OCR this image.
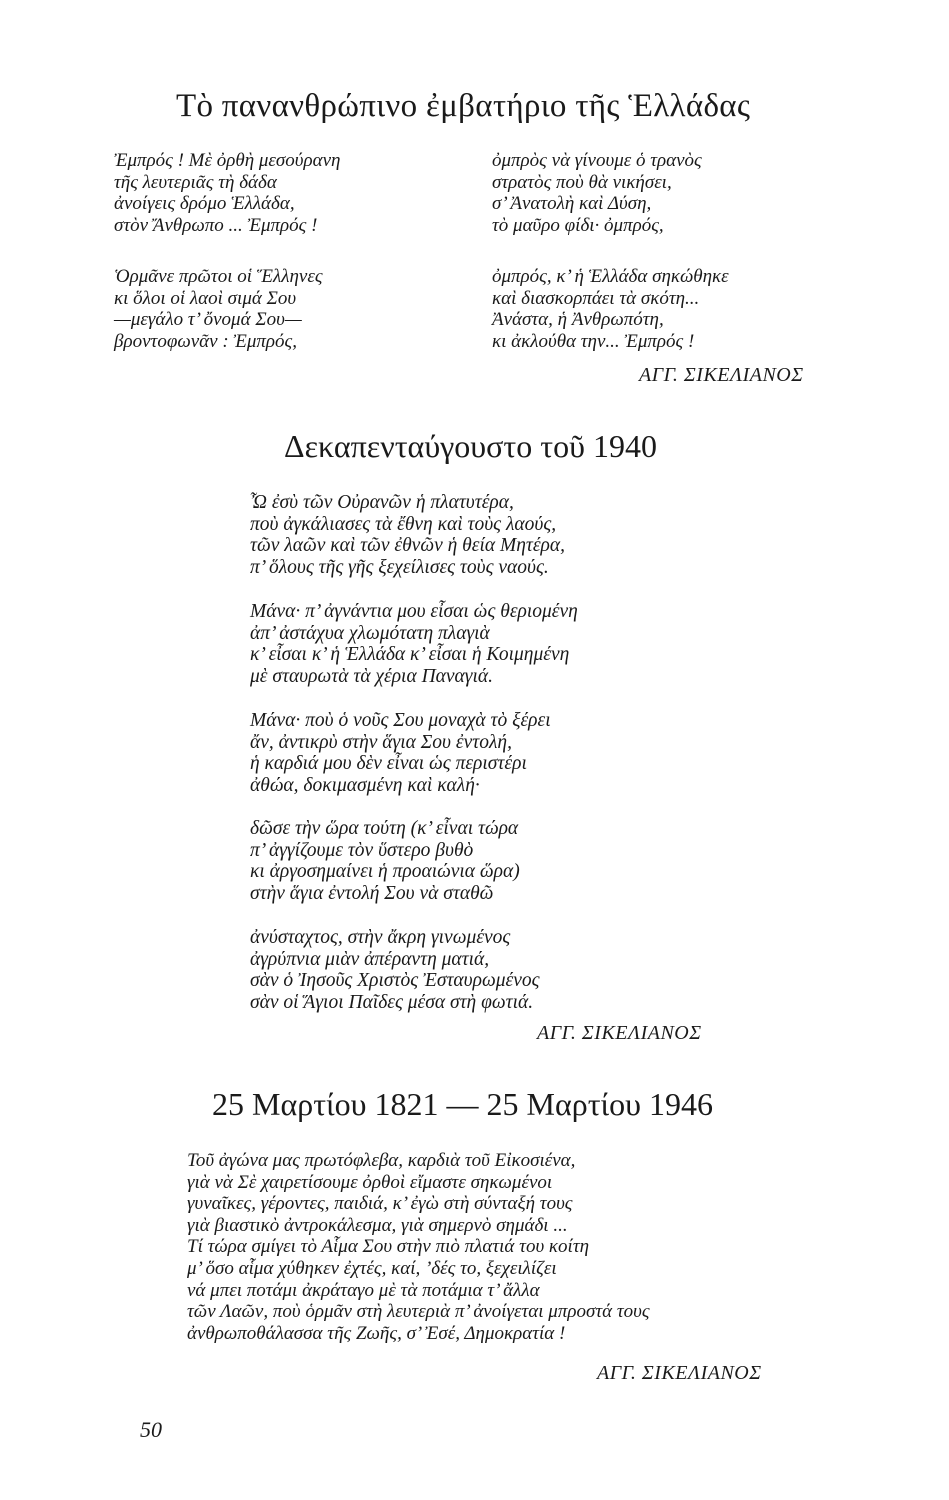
Τὸ πανανθρώπινο ἐμβατήριο τῆς Ἑλλάδας
Ἐμπρός ! Μὲ ὀρθὴ μεσούρανη
τῆς λευτεριᾶς τὴ δάδα
ἀνοίγεις δρόμο Ἑλλάδα,
στὸν Ἄνθρωπο ... Ἐμπρός !
Ὁρμᾶνε πρῶτοι οἱ Ἕλληνες
κι ὅλοι οἱ λαοὶ σιμά Σου
—μεγάλο τ’ ὄνομά Σου—
βροντοφωνᾶν : Ἐμπρός,
ὀμπρὸς νὰ γίνουμε ὁ τρανὸς
στρατὸς ποὺ θὰ νικήσει,
σ’ Ἀνατολὴ καὶ Δύση,
τὸ μαῦρο φίδι· ὀμπρός,
ὀμπρός, κ’ ἡ Ἑλλάδα σηκώθηκε
καὶ διασκορπάει τὰ σκότη...
Ἀνάστα, ἡ Ἀνθρωπότη,
κι ἀκλούθα την... Ἐμπρός !

ΑΓΓ. ΣΙΚΕΛΙΑΝΟΣ

Δεκαπενταύγουστο τοῦ 1940
Ὦ ἐσὺ τῶν Οὐρανῶν ἡ πλατυτέρα,
ποὺ ἀγκάλιασες τὰ ἔθνη καὶ τοὺς λαούς,
τῶν λαῶν καὶ τῶν ἐθνῶν ἡ θεία Μητέρα,
π’ ὅλους τῆς γῆς ξεχείλισες τοὺς ναούς.
Μάνα· π’ ἀγνάντια μου εἶσαι ὡς θεριομένη
ἀπ’ ἀστάχυα χλωμότατη πλαγιὰ
κ’ εἶσαι κ’ ἡ Ἑλλάδα κ’ εἶσαι ἡ Κοιμημένη
μὲ σταυρωτὰ τὰ χέρια Παναγιά.
Μάνα· ποὺ ὁ νοῦς Σου μοναχὰ τὸ ξέρει
ἄν, ἀντικρὺ στὴν ἅγια Σου ἐντολή,
ἡ καρδιά μου δὲν εἶναι ὡς περιστέρι
ἀθώα, δοκιμασμένη καὶ καλή·
δῶσε τὴν ὥρα τούτη (κ’ εἶναι τώρα
π’ ἀγγίζουμε τὸν ὕστερο βυθὸ
κι ἀργοσημαίνει ἡ προαιώνια ὥρα)
στὴν ἅγια ἐντολή Σου νὰ σταθῶ
ἀνύσταχτος, στὴν ἄκρη γινωμένος
ἀγρύπνια μιὰν ἀπέραντη ματιά,
σὰν ὁ Ἰησοῦς Χριστὸς Ἐσταυρωμένος
σὰν οἱ Ἅγιοι Παῖδες μέσα στὴ φωτιά.

ΑΓΓ. ΣΙΚΕΛΙΑΝΟΣ

25 Μαρτίου 1821 — 25 Μαρτίου 1946
Τοῦ ἀγώνα μας πρωτόφλεβα, καρδιὰ τοῦ Εἰκοσιένα,
γιὰ νὰ Σὲ χαιρετίσουμε ὀρθοὶ εἴμαστε σηκωμένοι
γυναῖκες, γέροντες, παιδιά, κ’ ἐγὼ στὴ σύνταξή τους
γιὰ βιαστικὸ ἀντροκάλεσμα, γιὰ σημερνὸ σημάδι ...
Τί τώρα σμίγει τὸ Αἷμα Σου στὴν πιὸ πλατιά του κοίτη
μ’ ὅσο αἷμα χύθηκεν ἐχτές, καί, ’δές το, ξεχειλίζει
νά μπει ποτάμι ἀκράταγο μὲ τὰ ποτάμια τ’ ἄλλα
τῶν Λαῶν, ποὺ ὁρμᾶν στὴ λευτεριὰ π’ ἀνοίγεται μπροστά τους
ἀνθρωποθάλασσα τῆς Ζωῆς, σ’ Ἐσέ, Δημοκρατία !

ΑΓΓ. ΣΙΚΕΛΙΑΝΟΣ

50
